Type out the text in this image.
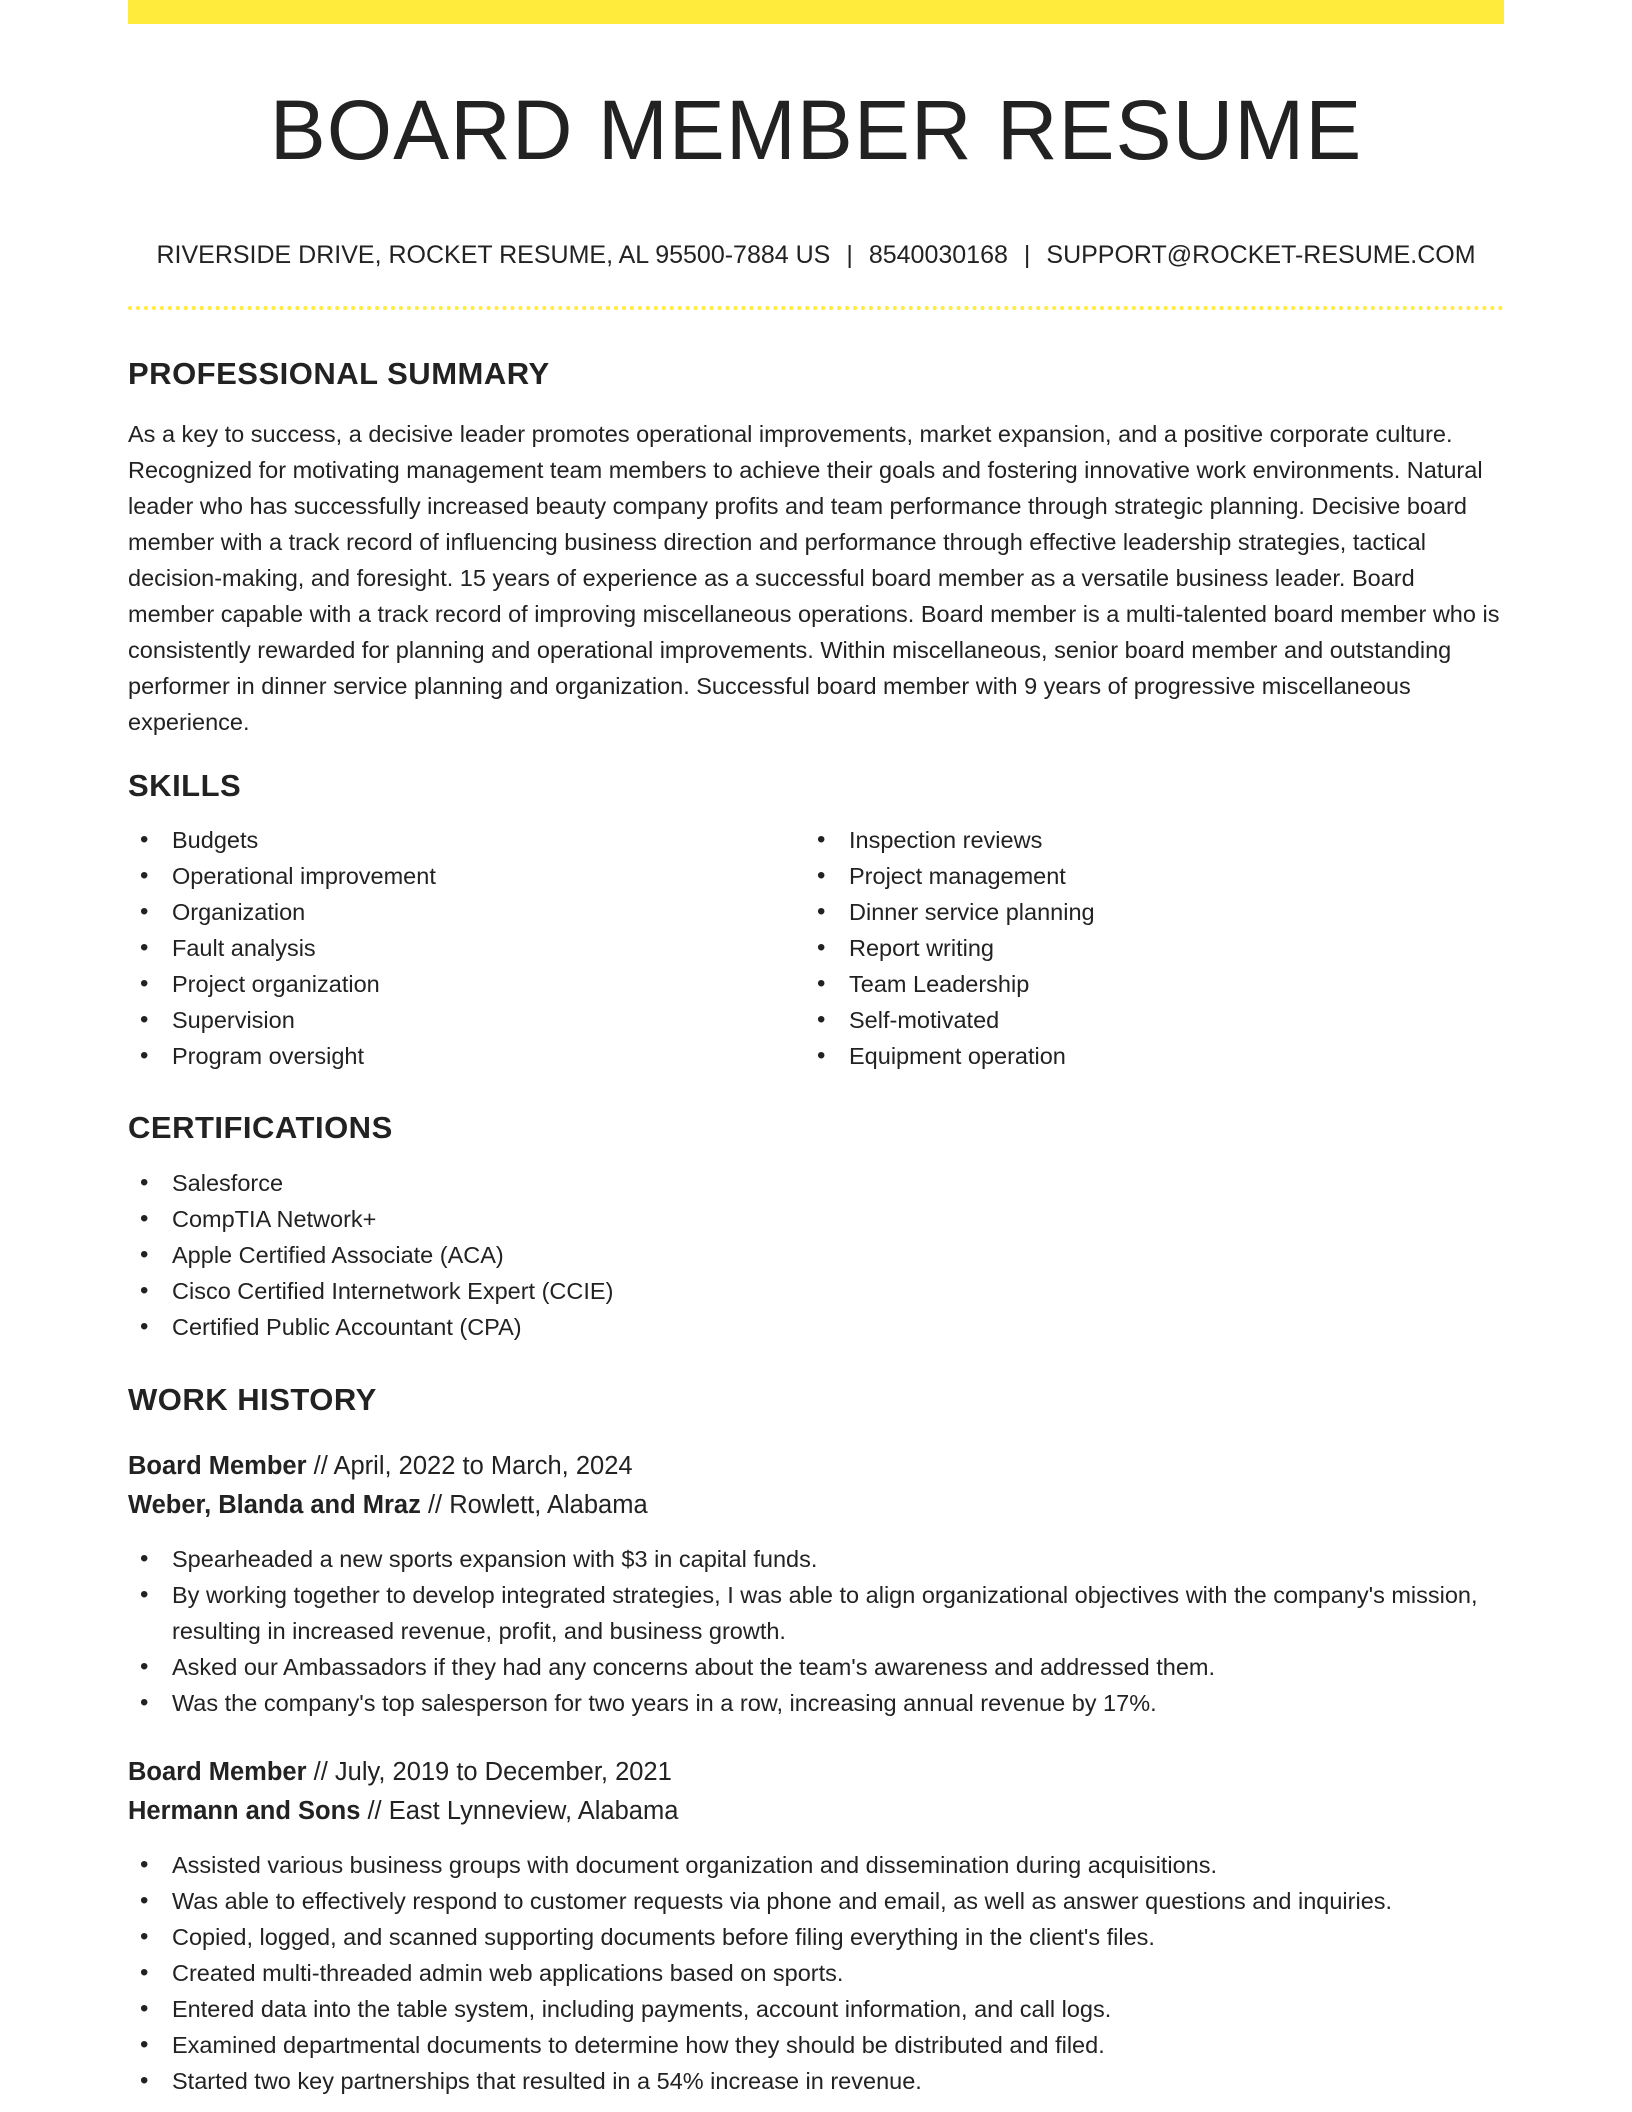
BOARD MEMBER RESUME
RIVERSIDE DRIVE, ROCKET RESUME, AL 95500-7884 US | 8540030168 | SUPPORT@ROCKET-RESUME.COM
PROFESSIONAL SUMMARY

As a key to success, a decisive leader promotes operational improvements, market expansion, and a positive corporate culture. Recognized for motivating management team members to achieve their goals and fostering innovative work environments. Natural leader who has successfully increased beauty company profits and team performance through strategic planning. Decisive board member with a track record of influencing business direction and performance through effective leadership strategies, tactical decision-making, and foresight. 15 years of experience as a successful board member as a versatile business leader. Board member capable with a track record of improving miscellaneous operations. Board member is a multi-talented board member who is consistently rewarded for planning and operational improvements. Within miscellaneous, senior board member and outstanding performer in dinner service planning and organization. Successful board member with 9 years of progressive miscellaneous experience.

SKILLS
• Budgets
• Operational improvement
• Organization
• Fault analysis
• Project organization
• Supervision
• Program oversight
• Inspection reviews
• Project management
• Dinner service planning
• Report writing
• Team Leadership
• Self-motivated
• Equipment operation
CERTIFICATIONS
• Salesforce
• CompTIA Network+
• Apple Certified Associate (ACA)
• Cisco Certified Internetwork Expert (CCIE)
• Certified Public Accountant (CPA)
WORK HISTORY
Board Member // April, 2022 to March, 2024
Weber, Blanda and Mraz // Rowlett, Alabama
• Spearheaded a new sports expansion with $3 in capital funds.
• By working together to develop integrated strategies, I was able to align organizational objectives with the company's mission, resulting in increased revenue, profit, and business growth.
• Asked our Ambassadors if they had any concerns about the team's awareness and addressed them.
• Was the company's top salesperson for two years in a row, increasing annual revenue by 17%.
Board Member // July, 2019 to December, 2021
Hermann and Sons // East Lynneview, Alabama
• Assisted various business groups with document organization and dissemination during acquisitions.
• Was able to effectively respond to customer requests via phone and email, as well as answer questions and inquiries.
• Copied, logged, and scanned supporting documents before filing everything in the client's files.
• Created multi-threaded admin web applications based on sports.
• Entered data into the table system, including payments, account information, and call logs.
• Examined departmental documents to determine how they should be distributed and filed.
• Started two key partnerships that resulted in a 54% increase in revenue.
